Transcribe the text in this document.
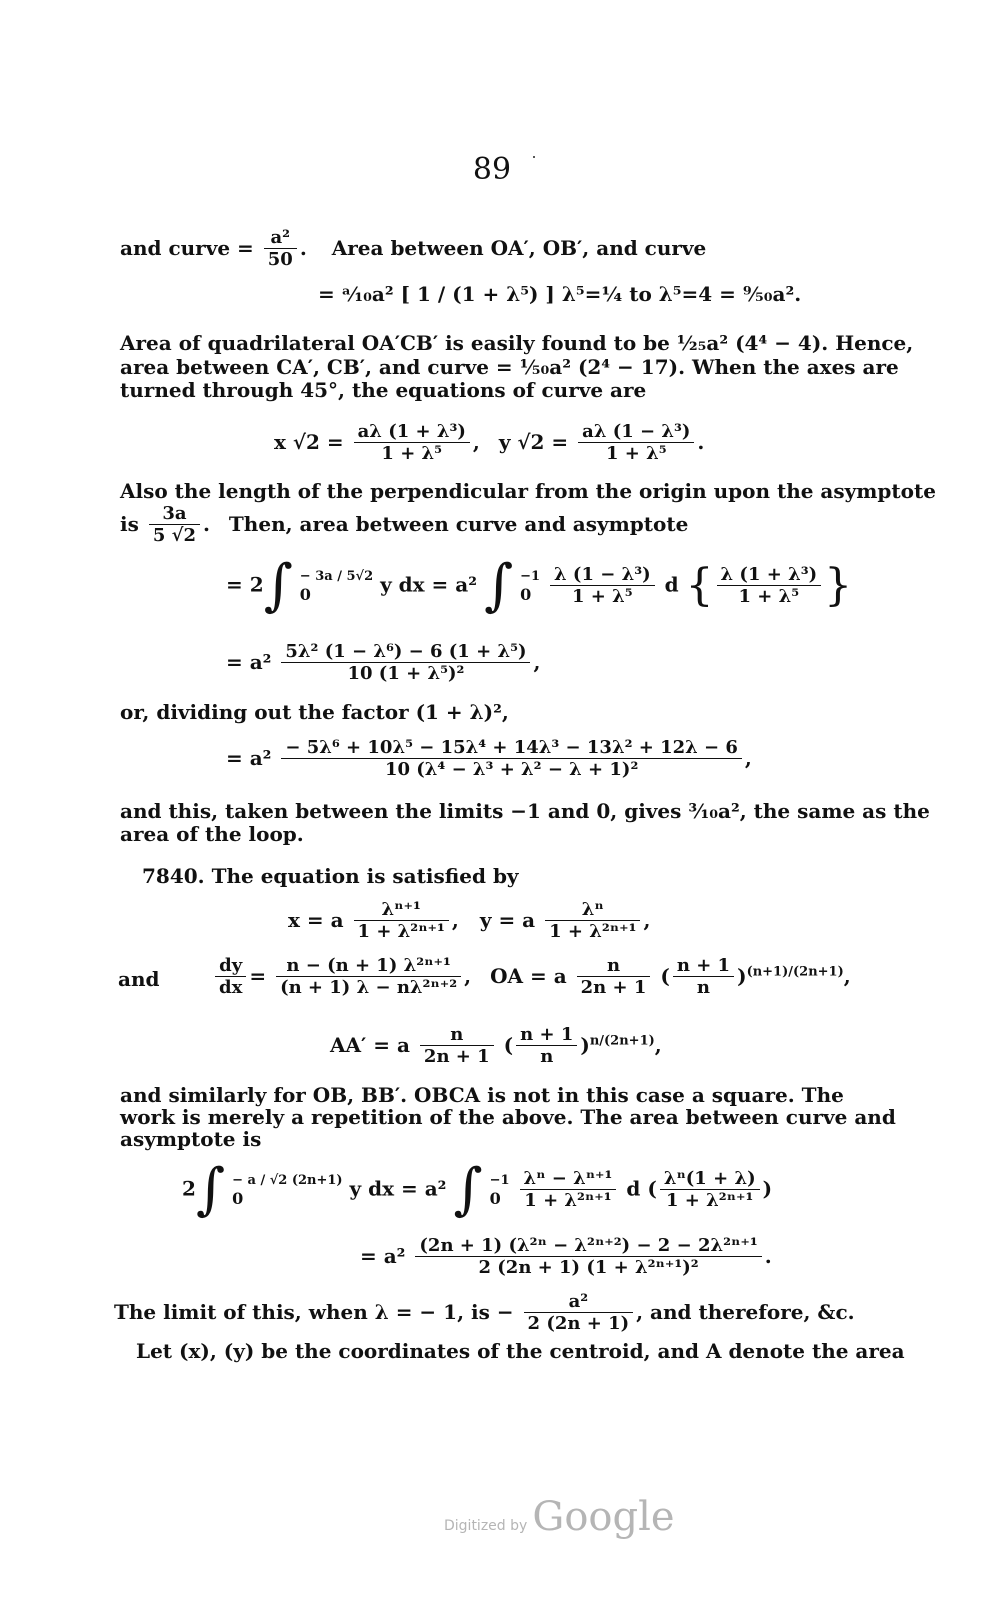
89
and curve = $\frac{\text{a²}}{50}$ . Area between OA′, OB′, and curve
= ᵃ⁄₁₀a² [ 1 / (1 + λ⁵) ] λ⁵=¼ to λ⁵=4 = ⁹⁄₅₀a².
Area of quadrilateral OA′CB′ is easily found to be ¹⁄₂₅a² (4⁴ − 4). Hence,
area between CA′, CB′, and curve = ¹⁄₅₀a² (2⁴ − 17). When the axes are
turned through 45°, the equations of curve are
x $√2 = \frac{\text{aλ (1 + λ³)}}{\text{1 + λ⁵}}$ , y $√2 = \frac{\text{aλ (1 − λ³)}}{\text{1 + λ⁵}}$ .
Also the length of the perpendicular from the origin upon the asymptote
is $\frac{3a}{5 √2}$ . Then, area between curve and asymptote
= 2∫ − 3a / 5√2
0	y dx = a² ∫ −1
0
	$\frac{\text{λ (1 − λ³)}}{\text{1 + λ⁵}}$ d { $\frac{\text{λ (1 + λ³)}}{\text{1 + λ⁵}}$ }
= $a^2 \frac{\text{5λ² (1 − λ⁶) − 6 (1 + λ⁵)}}{\text{10 (1 + λ⁵)²}}$ ,
or, dividing out the factor (1 + λ)²,
= $a^2 \frac{\text{− 5λ⁶ + 10λ⁵ − 15λ⁴ + 14λ³ − 13λ² + 12λ − 6}}{\text{10 (λ⁴ − λ³ + λ² − λ + 1)²}}$ ,
and this, taken between the limits −1 and 0, gives ³⁄₁₀a², the same as the
area of the loop.
7840. The equation is satisfied by
x = a $\frac{\text{λⁿ⁺¹}}{\text{1 + λ²ⁿ⁺¹}}$ , y = a $\frac{\text{λⁿ}}{\text{1 + λ²ⁿ⁺¹}}$ ,
and	$\frac{dy}{dx} = \frac{\text{n − (n + 1) λ²ⁿ⁺¹}}{\text{(n + 1) λ − nλ²ⁿ⁺²}}$ , OA = a $\frac{n}{2n + 1}$ ( $\frac{n + 1}{n} )^{(n+1)/(2n+1)}$,
AA′ = a $\frac{n}{2n + 1}$ ( $\frac{n + 1}{n} )^{n/(2n+1)}$,
and similarly for OB, BB′. OBCA is not in this case a square. The
work is merely a repetition of the above. The area between curve and
asymptote is
2∫ − a / √2 (2n+1)
0	y dx = a² ∫ −1
0
	$\frac{\text{λⁿ − λⁿ⁺¹}}{\text{1 + λ²ⁿ⁺¹}}$ d ( $\frac{\text{λⁿ(1 + λ)}}{\text{1 + λ²ⁿ⁺¹}}$ )
= $a^2 \frac{\text{(2n + 1) (λ²ⁿ − λ²ⁿ⁺²) − 2 − 2λ²ⁿ⁺¹}}{\text{2 (2n + 1) (1 + λ²ⁿ⁺¹)²}}$ .
The limit of this, when λ = − 1, is − $\frac{\text{a²}}{2 (2n + 1)}$ , and therefore, &c.
Let (x), (y) be the coordinates of the centroid, and A denote the area
Digitized by Google
